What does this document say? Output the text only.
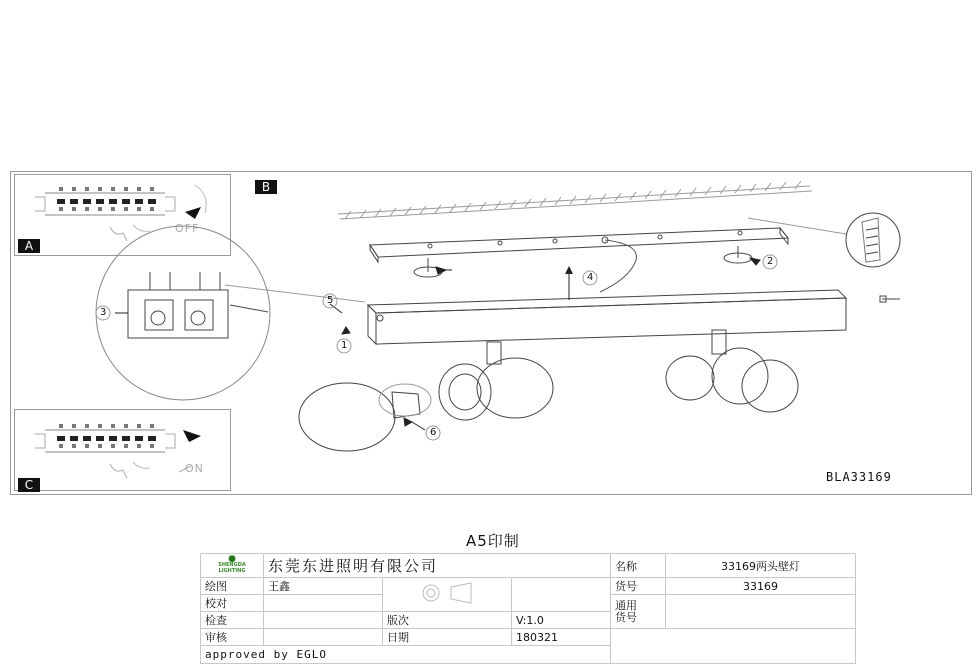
OFF
A
ON
C
B
1
2
3
4
5
6
BLA33169
A5印制
●
SHENGDA
LIGHTING	东莞东进照明有限公司			名称	33169两头壁灯
绘图	王鑫			货号	33169
校对				通用
货号	
检查		版次	V:1.0		
审核		日期	180321		
approved by EGLO					
